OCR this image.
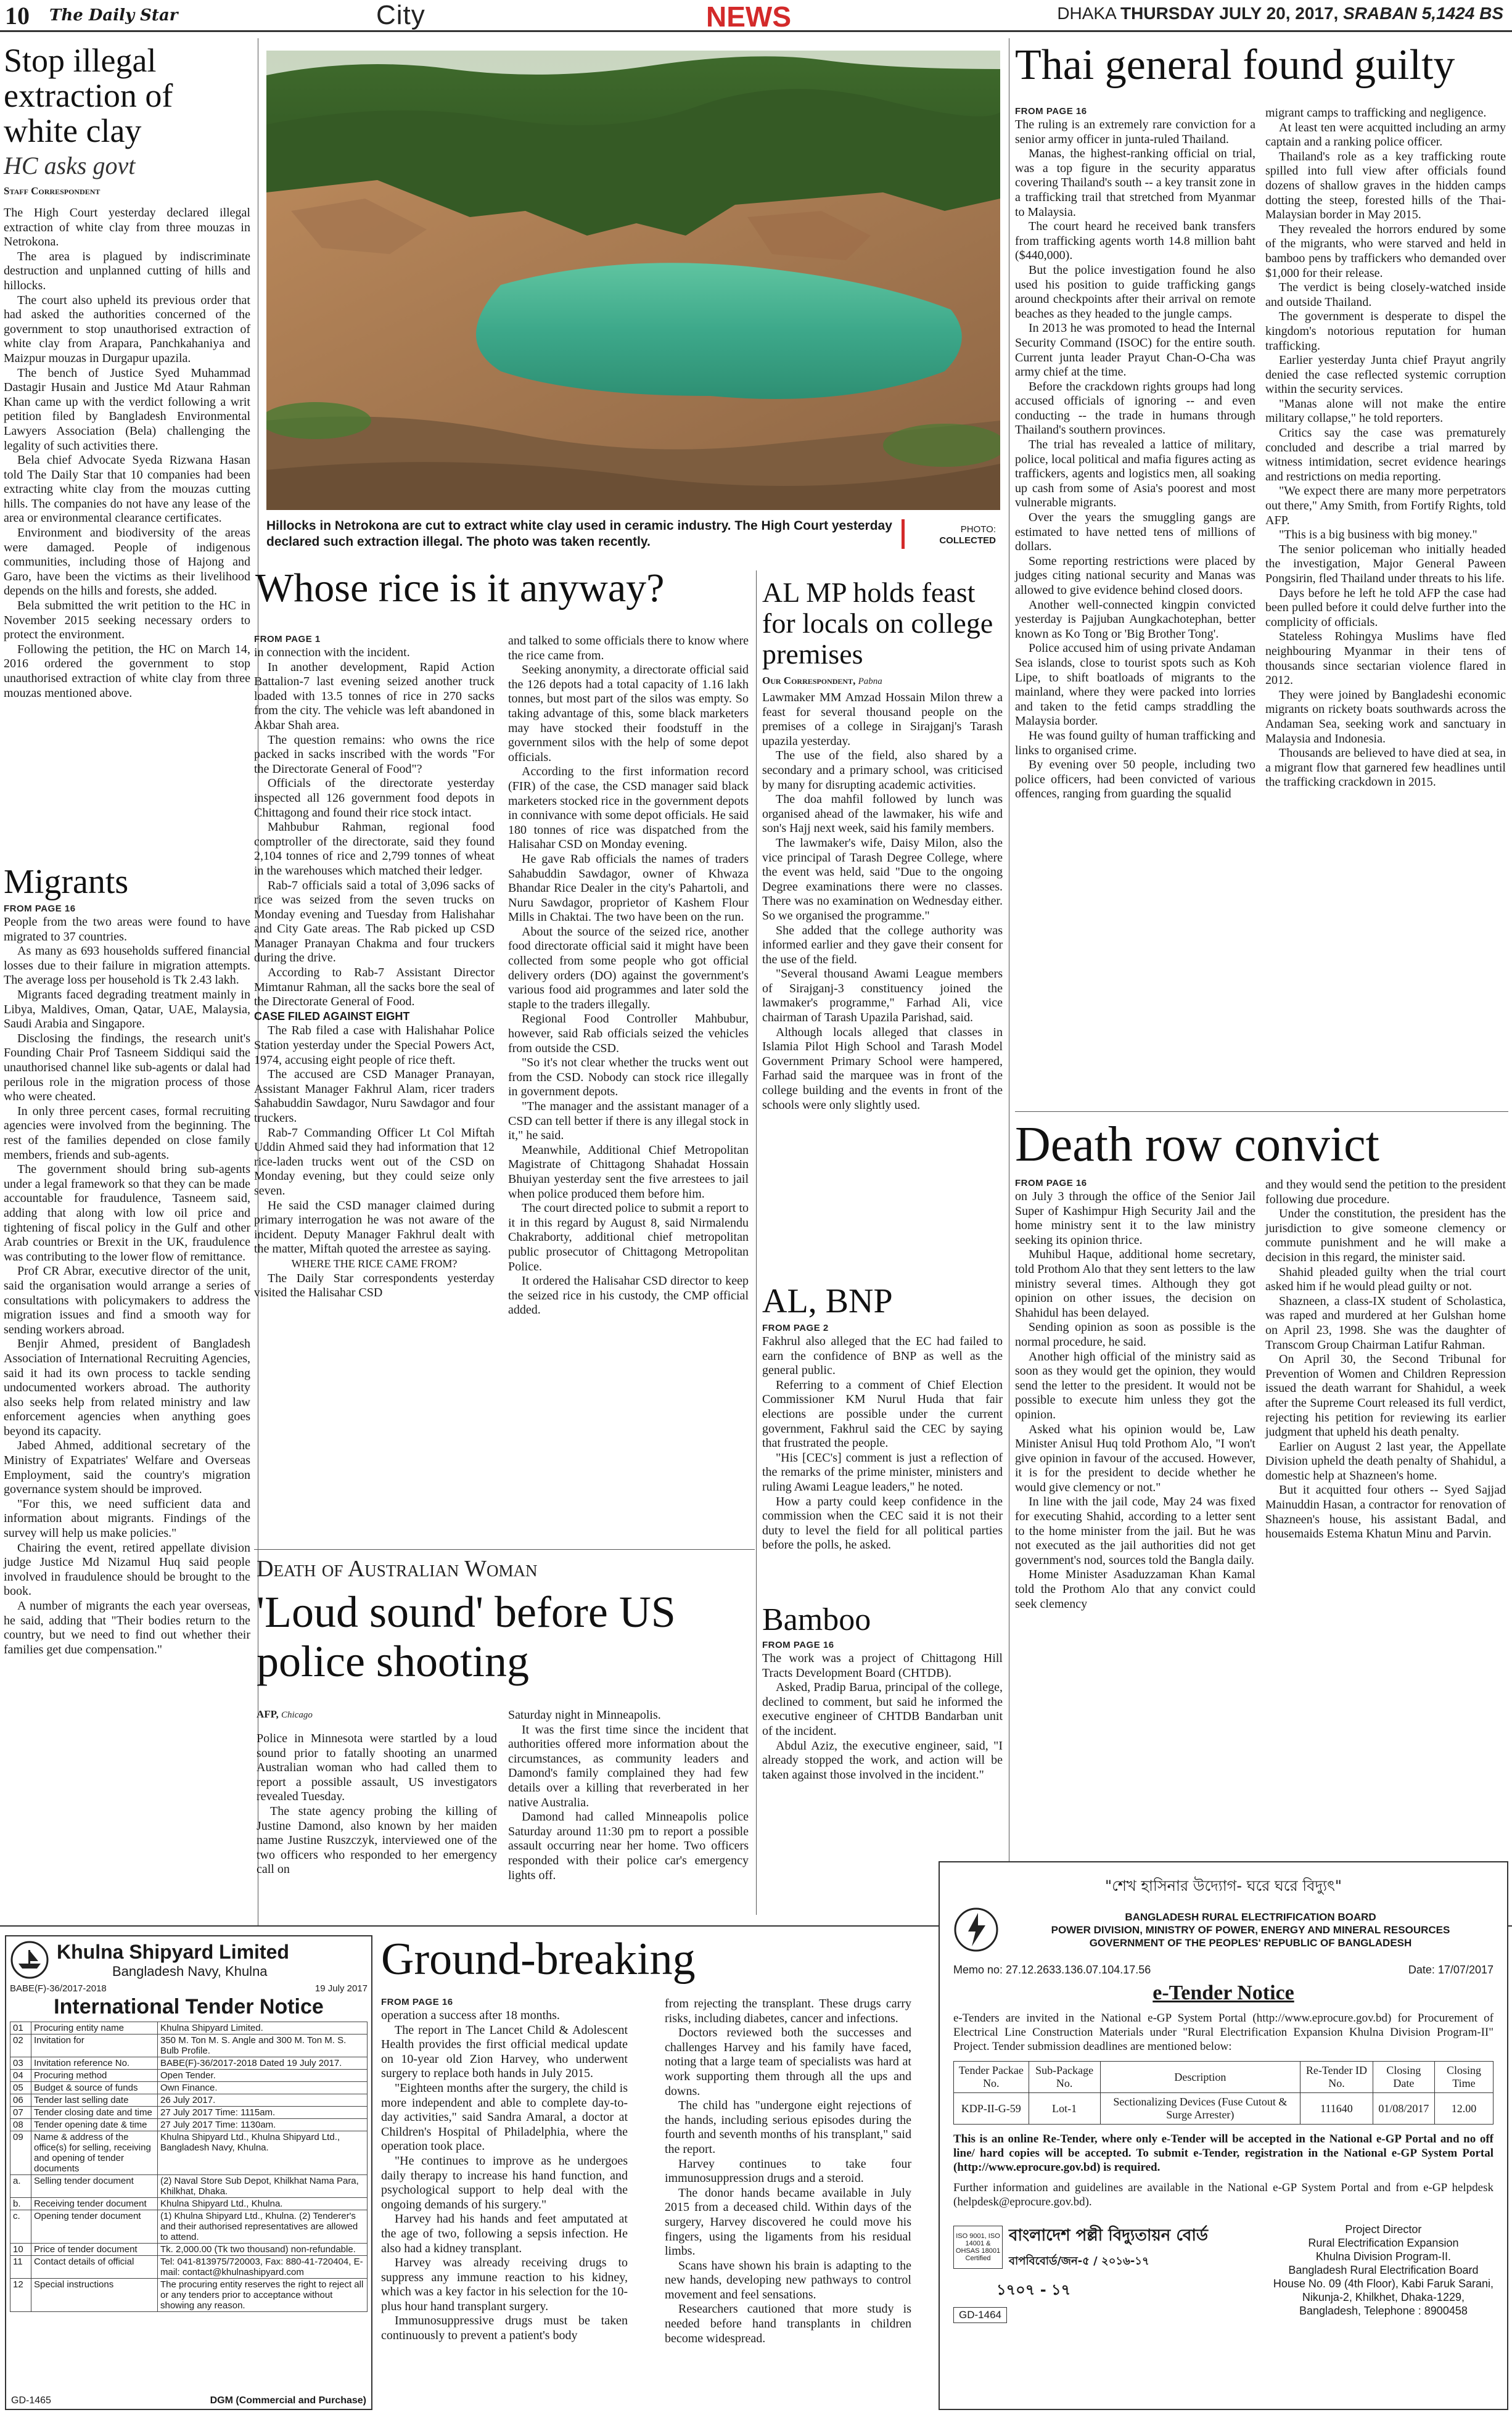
10 The Daily Star	City	NEWS	DHAKA THURSDAY JULY 20, 2017, SRABAN 5,1424 BS
Stop illegal extraction of white clay
HC asks govt
Staff Correspondent

The High Court yesterday declared illegal extraction of white clay from three mouzas in Netrokona.

The area is plagued by indiscriminate destruction and unplanned cutting of hills and hillocks.

The court also upheld its previous order that had asked the authorities concerned of the government to stop unauthorised extraction of white clay from Arapara, Panchkahaniya and Maizpur mouzas in Durgapur upazila.

The bench of Justice Syed Muhammad Dastagir Husain and Justice Md Ataur Rahman Khan came up with the verdict following a writ petition filed by Bangladesh Environmental Lawyers Association (Bela) challenging the legality of such activities there.

Bela chief Advocate Syeda Rizwana Hasan told The Daily Star that 10 companies had been extracting white clay from the mouzas cutting hills. The companies do not have any lease of the area or environmental clearance certificates.

Environment and biodiversity of the areas were damaged. People of indigenous communities, including those of Hajong and Garo, have been the victims as their livelihood depends on the hills and forests, she added.

Bela submitted the writ petition to the HC in November 2015 seeking necessary orders to protect the environment.

Following the petition, the HC on March 14, 2016 ordered the government to stop unauthorised extraction of white clay from three mouzas mentioned above.

Migrants
FROM PAGE 16

People from the two areas were found to have migrated to 37 countries.

As many as 693 households suffered financial losses due to their failure in migration attempts. The average loss per household is Tk 2.43 lakh.

Migrants faced degrading treatment mainly in Libya, Maldives, Oman, Qatar, UAE, Malaysia, Saudi Arabia and Singapore.

Disclosing the findings, the research unit's Founding Chair Prof Tasneem Siddiqui said the unauthorised channel like sub-agents or dalal had perilous role in the migration process of those who were cheated.

In only three percent cases, formal recruiting agencies were involved from the beginning. The rest of the families depended on close family members, friends and sub-agents.

The government should bring sub-agents under a legal framework so that they can be made accountable for fraudulence, Tasneem said, adding that along with low oil price and tightening of fiscal policy in the Gulf and other Arab countries or Brexit in the UK, fraudulence was contributing to the lower flow of remittance.

Prof CR Abrar, executive director of the unit, said the organisation would arrange a series of consultations with policymakers to address the migration issues and find a smooth way for sending workers abroad.

Benjir Ahmed, president of Bangladesh Association of International Recruiting Agencies, said it had its own process to tackle sending undocumented workers abroad. The authority also seeks help from related ministry and law enforcement agencies when anything goes beyond its capacity.

Jabed Ahmed, additional secretary of the Ministry of Expatriates' Welfare and Overseas Employment, said the country's migration governance system should be improved.

"For this, we need sufficient data and information about migrants. Findings of the survey will help us make policies."

Chairing the event, retired appellate division judge Justice Md Nizamul Huq said people involved in fraudulence should be brought to the book.

A number of migrants the each year overseas, he said, adding that "Their bodies return to the country, but we need to find out whether their families get due compensation."

Hillocks in Netrokona are cut to extract white clay used in ceramic industry. The High Court yesterday declared such extraction illegal. The photo was taken recently.
PHOTO:
COLLECTED
Whose rice is it anyway?
FROM PAGE 1

in connection with the incident.

In another development, Rapid Action Battalion-7 last evening seized another truck loaded with 13.5 tonnes of rice in 270 sacks from the city. The vehicle was left abandoned in Akbar Shah area.

The question remains: who owns the rice packed in sacks inscribed with the words "For the Directorate General of Food"?

Officials of the directorate yesterday inspected all 126 government food depots in Chittagong and found their rice stock intact.

Mahbubur Rahman, regional food comptroller of the directorate, said they found 2,104 tonnes of rice and 2,799 tonnes of wheat in the warehouses which matched their ledger.

Rab-7 officials said a total of 3,096 sacks of rice was seized from the seven trucks on Monday evening and Tuesday from Halishahar and City Gate areas. The Rab picked up CSD Manager Pranayan Chakma and four truckers during the drive.

According to Rab-7 Assistant Director Mimtanur Rahman, all the sacks bore the seal of the Directorate General of Food.

CASE FILED AGAINST EIGHT

The Rab filed a case with Halishahar Police Station yesterday under the Special Powers Act, 1974, accusing eight people of rice theft.

The accused are CSD Manager Pranayan, Assistant Manager Fakhrul Alam, ricer traders Sahabuddin Sawdagor, Nuru Sawdagor and four truckers.

Rab-7 Commanding Officer Lt Col Miftah Uddin Ahmed said they had information that 12 rice-laden trucks went out of the CSD on Monday evening, but they could seize only seven.

He said the CSD manager claimed during primary interrogation he was not aware of the incident. Deputy Manager Fakhrul dealt with the matter, Miftah quoted the arrestee as saying.

WHERE THE RICE CAME FROM?

The Daily Star correspondents yesterday visited the Halisahar CSD

and talked to some officials there to know where the rice came from.

Seeking anonymity, a directorate official said the 126 depots had a total capacity of 1.16 lakh tonnes, but most part of the silos was empty. So taking advantage of this, some black marketers may have stocked their foodstuff in the government silos with the help of some depot officials.

According to the first information record (FIR) of the case, the CSD manager said black marketers stocked rice in the government depots in connivance with some depot officials. He said 180 tonnes of rice was dispatched from the Halisahar CSD on Monday evening.

He gave Rab officials the names of traders Sahabuddin Sawdagor, owner of Khwaza Bhandar Rice Dealer in the city's Pahartoli, and Nuru Sawdagor, proprietor of Kashem Flour Mills in Chaktai. The two have been on the run.

About the source of the seized rice, another food directorate official said it might have been collected from some people who got official delivery orders (DO) against the government's various food aid programmes and later sold the staple to the traders illegally.

Regional Food Controller Mahbubur, however, said Rab officials seized the vehicles from outside the CSD.

"So it's not clear whether the trucks went out from the CSD. Nobody can stock rice illegally in government depots.

"The manager and the assistant manager of a CSD can tell better if there is any illegal stock in it," he said.

Meanwhile, Additional Chief Metropolitan Magistrate of Chittagong Shahadat Hossain Bhuiyan yesterday sent the five arrestees to jail when police produced them before him.

The court directed police to submit a report to it in this regard by August 8, said Nirmalendu Chakraborty, additional chief metropolitan public prosecutor of Chittagong Metropolitan Police.

It ordered the Halisahar CSD director to keep the seized rice in his custody, the CMP official added.

AL MP holds feast for locals on college premises
Our Correspondent, Pabna

Lawmaker MM Amzad Hossain Milon threw a feast for several thousand people on the premises of a college in Sirajganj's Tarash upazila yesterday.

The use of the field, also shared by a secondary and a primary school, was criticised by many for disrupting academic activities.

The doa mahfil followed by lunch was organised ahead of the lawmaker, his wife and son's Hajj next week, said his family members.

The lawmaker's wife, Daisy Milon, also the vice principal of Tarash Degree College, where the event was held, said "Due to the ongoing Degree examinations there were no classes. There was no examination on Wednesday either. So we organised the programme."

She added that the college authority was informed earlier and they gave their consent for the use of the field.

"Several thousand Awami League members of Sirajganj-3 constituency joined the lawmaker's programme," Farhad Ali, vice chairman of Tarash Upazila Parishad, said.

Although locals alleged that classes in Islamia Pilot High School and Tarash Model Government Primary School were hampered, Farhad said the marquee was in front of the college building and the events in front of the schools were only slightly used.

AL, BNP
FROM PAGE 2

Fakhrul also alleged that the EC had failed to earn the confidence of BNP as well as the general public.

Referring to a comment of Chief Election Commissioner KM Nurul Huda that fair elections are possible under the current government, Fakhrul said the CEC by saying that frustrated the people.

"His [CEC's] comment is just a reflection of the remarks of the prime minister, ministers and ruling Awami League leaders," he noted.

How a party could keep confidence in the commission when the CEC said it is not their duty to level the field for all political parties before the polls, he asked.

Bamboo
FROM PAGE 16

The work was a project of Chittagong Hill Tracts Development Board (CHTDB).

Asked, Pradip Barua, principal of the college, declined to comment, but said he informed the executive engineer of CHTDB Bandarban unit of the incident.

Abdul Aziz, the executive engineer, said, "I already stopped the work, and action will be taken against those involved in the incident."

Thai general found guilty
FROM PAGE 16

The ruling is an extremely rare conviction for a senior army officer in junta-ruled Thailand.

Manas, the highest-ranking official on trial, was a top figure in the security apparatus covering Thailand's south -- a key transit zone in a trafficking trail that stretched from Myanmar to Malaysia.

The court heard he received bank transfers from trafficking agents worth 14.8 million baht ($440,000).

But the police investigation found he also used his position to guide trafficking gangs around checkpoints after their arrival on remote beaches as they headed to the jungle camps.

In 2013 he was promoted to head the Internal Security Command (ISOC) for the entire south. Current junta leader Prayut Chan-O-Cha was army chief at the time.

Before the crackdown rights groups had long accused officials of ignoring -- and even conducting -- the trade in humans through Thailand's southern provinces.

The trial has revealed a lattice of military, police, local political and mafia figures acting as traffickers, agents and logistics men, all soaking up cash from some of Asia's poorest and most vulnerable migrants.

Over the years the smuggling gangs are estimated to have netted tens of millions of dollars.

Some reporting restrictions were placed by judges citing national security and Manas was allowed to give evidence behind closed doors.

Another well-connected kingpin convicted yesterday is Pajjuban Aungkachotephan, better known as Ko Tong or 'Big Brother Tong'.

Police accused him of using private Andaman Sea islands, close to tourist spots such as Koh Lipe, to shift boatloads of migrants to the mainland, where they were packed into lorries and taken to the fetid camps straddling the Malaysia border.

He was found guilty of human trafficking and links to organised crime.

By evening over 50 people, including two police officers, had been convicted of various offences, ranging from guarding the squalid

migrant camps to trafficking and negligence.

At least ten were acquitted including an army captain and a ranking police officer.

Thailand's role as a key trafficking route spilled into full view after officials found dozens of shallow graves in the hidden camps dotting the steep, forested hills of the Thai-Malaysian border in May 2015.

They revealed the horrors endured by some of the migrants, who were starved and held in bamboo pens by traffickers who demanded over $1,000 for their release.

The verdict is being closely-watched inside and outside Thailand.

The government is desperate to dispel the kingdom's notorious reputation for human trafficking.

Earlier yesterday Junta chief Prayut angrily denied the case reflected systemic corruption within the security services.

"Manas alone will not make the entire military collapse," he told reporters.

Critics say the case was prematurely concluded and describe a trial marred by witness intimidation, secret evidence hearings and restrictions on media reporting.

"We expect there are many more perpetrators out there," Amy Smith, from Fortify Rights, told AFP.

"This is a big business with big money."

The senior policeman who initially headed the investigation, Major General Paween Pongsirin, fled Thailand under threats to his life.

Days before he left he told AFP the case had been pulled before it could delve further into the complicity of officials.

Stateless Rohingya Muslims have fled neighbouring Myanmar in their tens of thousands since sectarian violence flared in 2012.

They were joined by Bangladeshi economic migrants on rickety boats southwards across the Andaman Sea, seeking work and sanctuary in Malaysia and Indonesia.

Thousands are believed to have died at sea, in a migrant flow that garnered few headlines until the trafficking crackdown in 2015.

Death row convict
FROM PAGE 16

on July 3 through the office of the Senior Jail Super of Kashimpur High Security Jail and the home ministry sent it to the law ministry seeking its opinion thrice.

Muhibul Haque, additional home secretary, told Prothom Alo that they sent letters to the law ministry several times. Although they got opinion on other issues, the decision on Shahidul has been delayed.

Sending opinion as soon as possible is the normal procedure, he said.

Another high official of the ministry said as soon as they would get the opinion, they would send the letter to the president. It would not be possible to execute him unless they got the opinion.

Asked what his opinion would be, Law Minister Anisul Huq told Prothom Alo, "I won't give opinion in favour of the accused. However, it is for the president to decide whether he would give clemency or not."

In line with the jail code, May 24 was fixed for executing Shahid, according to a letter sent to the home minister from the jail. But he was not executed as the jail authorities did not get government's nod, sources told the Bangla daily.

Home Minister Asaduzzaman Khan Kamal told the Prothom Alo that any convict could seek clemency

and they would send the petition to the president following due procedure.

Under the constitution, the president has the jurisdiction to give someone clemency or commute punishment and he will make a decision in this regard, the minister said.

Shahid pleaded guilty when the trial court asked him if he would plead guilty or not.

Shazneen, a class-IX student of Scholastica, was raped and murdered at her Gulshan home on April 23, 1998. She was the daughter of Transcom Group Chairman Latifur Rahman.

On April 30, the Second Tribunal for Prevention of Women and Children Repression issued the death warrant for Shahidul, a week after the Supreme Court released its full verdict, rejecting his petition for reviewing its earlier judgment that upheld his death penalty.

Earlier on August 2 last year, the Appellate Division upheld the death penalty of Shahidul, a domestic help at Shazneen's home.

But it acquitted four others -- Syed Sajjad Mainuddin Hasan, a contractor for renovation of Shazneen's house, his assistant Badal, and housemaids Estema Khatun Minu and Parvin.

Death of Australian Woman
'Loud sound' before US police shooting
AFP, Chicago

Police in Minnesota were startled by a loud sound prior to fatally shooting an unarmed Australian woman who had called them to report a possible assault, US investigators revealed Tuesday.

The state agency probing the killing of Justine Damond, also known by her maiden name Justine Ruszczyk, interviewed one of the two officers who responded to her emergency call on

Saturday night in Minneapolis.

It was the first time since the incident that authorities offered more information about the circumstances, as community leaders and Damond's family complained they had few details over a killing that reverberated in her native Australia.

Damond had called Minneapolis police Saturday around 11:30 pm to report a possible assault occurring near her home. Two officers responded with their police car's emergency lights off.

Khulna Shipyard Limited
Bangladesh Navy, Khulna
BABE(F)-36/2017-2018	19 July 2017
International Tender Notice
01	Procuring entity name	Khulna Shipyard Limited.
02	Invitation for	350 M. Ton M. S. Angle and 300 M. Ton M. S. Bulb Profile.
03	Invitation reference No.	BABE(F)-36/2017-2018 Dated 19 July 2017.
04	Procuring method	Open Tender.
05	Budget & source of funds	Own Finance.
06	Tender last selling date	26 July 2017.
07	Tender closing date and time	27 July 2017 Time: 1115am.
08	Tender opening date & time	27 July 2017 Time: 1130am.
09	Name & address of the office(s) for selling, receiving and opening of tender documents	Khulna Shipyard Ltd., Khulna Shipyard Ltd., Bangladesh Navy, Khulna.
a.	Selling tender document	(2) Naval Store Sub Depot, Khilkhat Nama Para, Khilkhat, Dhaka.
b.	Receiving tender document	Khulna Shipyard Ltd., Khulna.
c.	Opening tender document	(1) Khulna Shipyard Ltd., Khulna. (2) Tenderer's and their authorised representatives are allowed to attend.
10	Price of tender document	Tk. 2,000.00 (Tk two thousand) non-refundable.
11	Contact details of official	Tel: 041-813975/720003, Fax: 880-41-720404, E-mail: contact@khulnashipyard.com
12	Special instructions	The procuring entity reserves the right to reject all or any tenders prior to acceptance without showing any reason.
GD-1465	DGM (Commercial and Purchase)
Ground-breaking
FROM PAGE 16

operation a success after 18 months.

The report in The Lancet Child & Adolescent Health provides the first official medical update on 10-year old Zion Harvey, who underwent surgery to replace both hands in July 2015.

"Eighteen months after the surgery, the child is more independent and able to complete day-to-day activities," said Sandra Amaral, a doctor at Children's Hospital of Philadelphia, where the operation took place.

"He continues to improve as he undergoes daily therapy to increase his hand function, and psychological support to help deal with the ongoing demands of his surgery."

Harvey had his hands and feet amputated at the age of two, following a sepsis infection. He also had a kidney transplant.

Harvey was already receiving drugs to suppress any immune reaction to his kidney, which was a key factor in his selection for the 10-plus hour hand transplant surgery.

Immunosuppressive drugs must be taken continuously to prevent a patient's body

from rejecting the transplant. These drugs carry risks, including diabetes, cancer and infections.

Doctors reviewed both the successes and challenges Harvey and his family have faced, noting that a large team of specialists was hard at work supporting them through all the ups and downs.

The child has "undergone eight rejections of the hands, including serious episodes during the fourth and seventh months of his transplant," said the report.

Harvey continues to take four immunosuppression drugs and a steroid.

The donor hands became available in July 2015 from a deceased child. Within days of the surgery, Harvey discovered he could move his fingers, using the ligaments from his residual limbs.

Scans have shown his brain is adapting to the new hands, developing new pathways to control movement and feel sensations.

Researchers cautioned that more study is needed before hand transplants in children become widespread.

"শেখ হাসিনার উদ্যোগ- ঘরে ঘরে বিদ্যুৎ"
BANGLADESH RURAL ELECTRIFICATION BOARD
POWER DIVISION, MINISTRY OF POWER, ENERGY AND MINERAL RESOURCES
GOVERNMENT OF THE PEOPLES' REPUBLIC OF BANGLADESH
Memo no: 27.12.2633.136.07.104.17.56	Date: 17/07/2017
e-Tender Notice
e-Tenders are invited in the National e-GP System Portal (http://www.eprocure.gov.bd) for Procurement of Electrical Line Construction Materials under "Rural Electrification Expansion Khulna Division Program-II" Project. Tender submission deadlines are mentioned below:
Tender Packae No.	Sub-Package No.	Description	Re-Tender ID No.	Closing Date	Closing Time
KDP-II-G-59	Lot-1	Sectionalizing Devices (Fuse Cutout & Surge Arrester)	111640	01/08/2017	12.00
This is an online Re-Tender, where only e-Tender will be accepted in the National e-GP Portal and no off line/ hard copies will be accepted. To submit e-Tender, registration in the National e-GP System Portal (http://www.eprocure.gov.bd) is required.
Further information and guidelines are available in the National e-GP System Portal and from e-GP helpdesk (helpdesk@eprocure.gov.bd).
ISO 9001, ISO 14001 & OHSAS 18001 Certified
বাংলাদেশ পল্লী বিদ্যুতায়ন বোর্ড
বাপবিবোর্ড/জন-৫ / ২০১৬-১৭
১৭০৭ - ১৭
GD-1464
Project Director
Rural Electrification Expansion
Khulna Division Program-II.
Bangladesh Rural Electrification Board
House No. 09 (4th Floor), Kabi Faruk Sarani,
Nikunja-2, Khilkhet, Dhaka-1229,
Bangladesh, Telephone : 8900458
